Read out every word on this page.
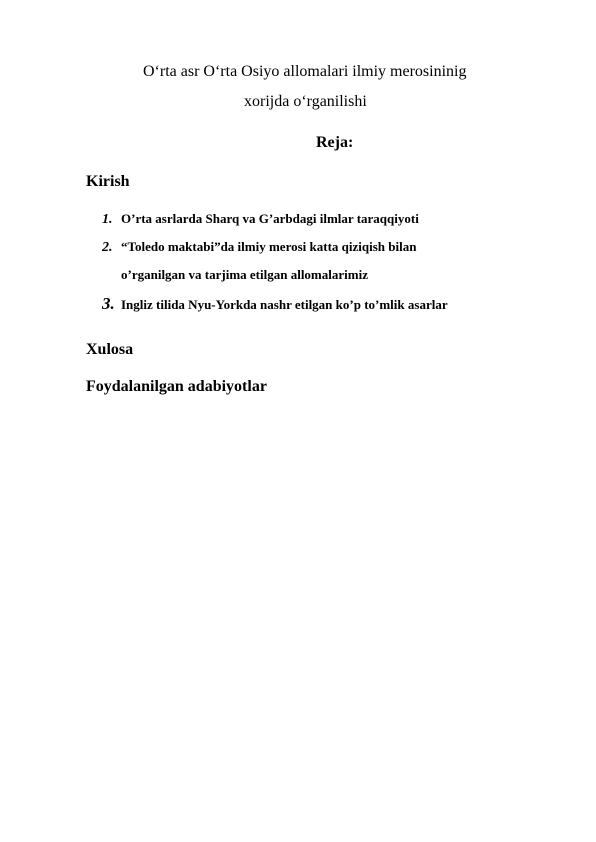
O‘rta asr O‘rta Osiyo allomalari ilmiy merosininig
xorijda o‘rganilishi
Reja:
Kirish
1. O’rta asrlarda Sharq va G’arbdagi ilmlar taraqqiyoti
2. “Toledo maktabi”da ilmiy merosi katta qiziqish bilan
o’rganilgan va tarjima etilgan allomalarimiz
3. Ingliz tilida Nyu-Yorkda nashr etilgan ko’p to’mlik asarlar
Xulosa
Foydalanilgan adabiyotlar
